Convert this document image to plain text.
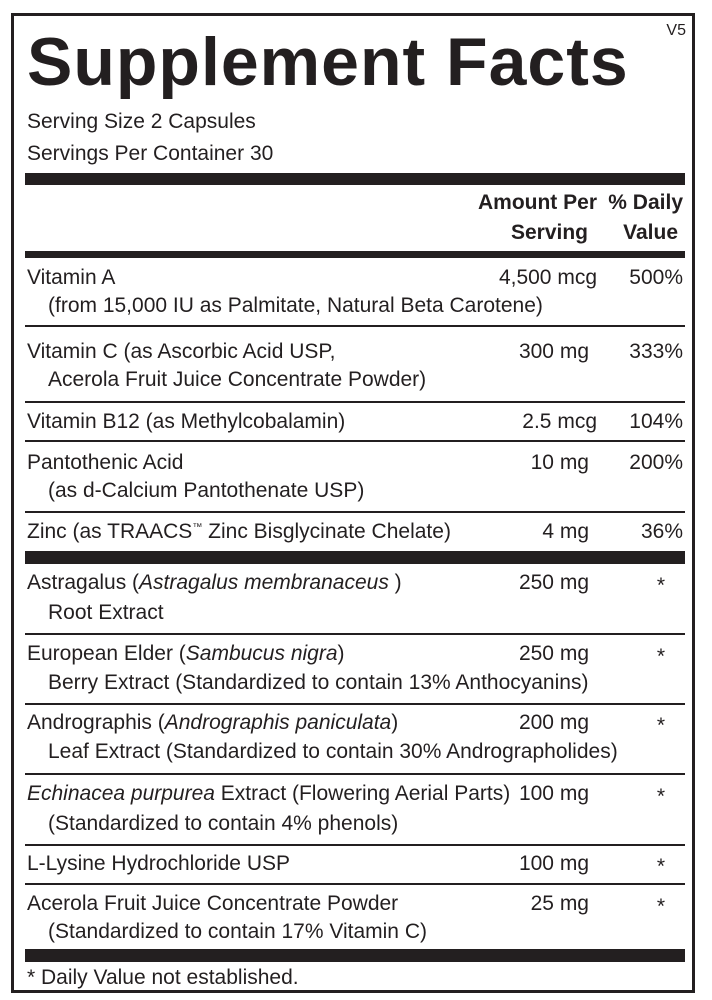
Supplement Facts V5
Serving Size 2 Capsules
Servings Per Container 30
Amount Per
Serving
% Daily
Value
Vitamin A
(from 15,000 IU as Palmitate, Natural Beta Carotene)
4,500 mcg 500%
Vitamin C (as Ascorbic Acid USP,
Acerola Fruit Juice Concentrate Powder)
300 mg 333%
Vitamin B12 (as Methylcobalamin)	2.5 mcg 104%
Pantothenic Acid
(as d-Calcium Pantothenate USP)
10 mg 200%
Zinc (as TRAACS™ Zinc Bisglycinate Chelate)	4 mg 36%
Astragalus (Astragalus membranaceus )
Root Extract
250 mg	*
European Elder (Sambucus nigra)
Berry Extract (Standardized to contain 13% Anthocyanins)
250 mg	*
Andrographis (Andrographis paniculata)
Leaf Extract (Standardized to contain 30% Andrographolides)
200 mg	*
Echinacea purpurea Extract (Flowering Aerial Parts)
(Standardized to contain 4% phenols)
100 mg	*
L-Lysine Hydrochloride USP	100 mg	*
Acerola Fruit Juice Concentrate Powder
(Standardized to contain 17% Vitamin C)
25 mg	*
* Daily Value not established.
